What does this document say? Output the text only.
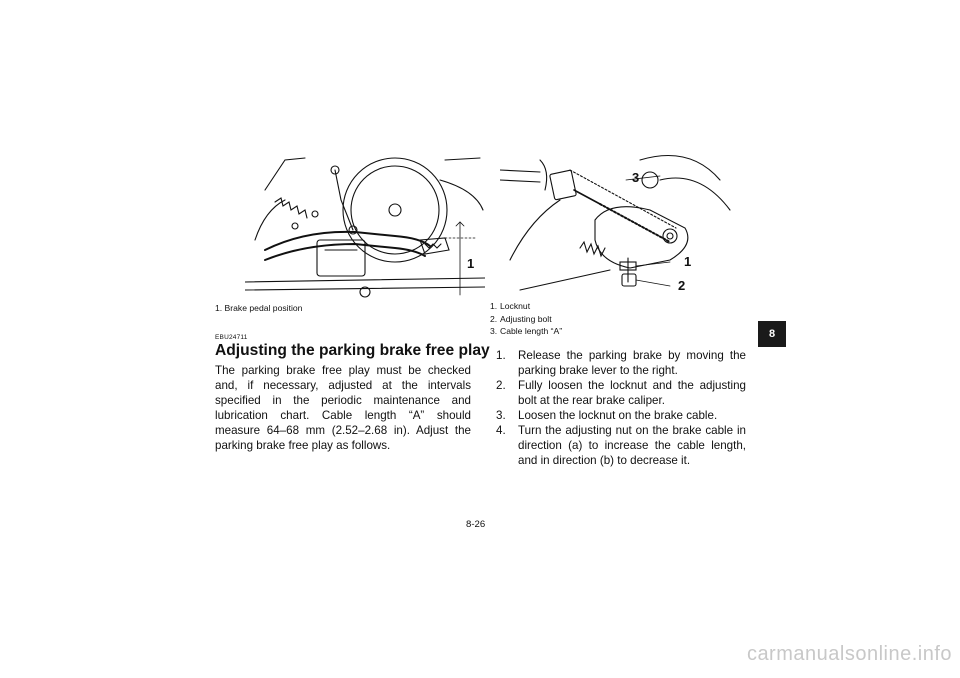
1
1. Brake pedal position
EBU24711
Adjusting the parking brake free play

The parking brake free play must be checked and, if necessary, adjusted at the intervals specified in the periodic maintenance and lubrication chart. Cable length “A” should measure 64–68 mm (2.52–2.68 in). Adjust the parking brake free play as follows.

3
1
2
1. Locknut
2. Adjusting bolt
3. Cable length “A”
1.	Release the parking brake by moving the parking brake lever to the right.
2.	Fully loosen the locknut and the adjusting bolt at the rear brake caliper.
3.	Loosen the locknut on the brake cable.
4.	Turn the adjusting nut on the brake cable in direction (a) to increase the cable length, and in direction (b) to decrease it.
8
8-26
carmanualsonline.info
